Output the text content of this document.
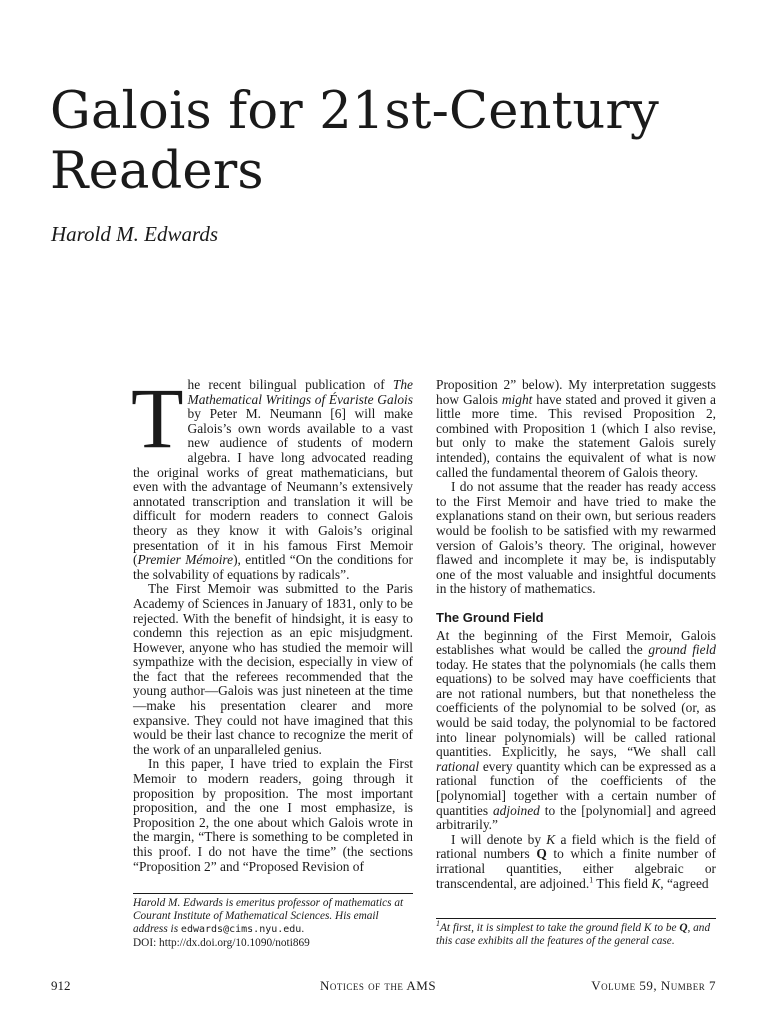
Galois for 21st-Century
Readers
Harold M. Edwards

The recent bilingual publication of The Mathematical Writings of Évariste Galois by Peter M. Neumann [6] will make Galois’s own words available to a vast new audience of students of modern algebra. I have long advocated reading the original works of great mathematicians, but even with the advantage of Neumann’s extensively annotated transcription and translation it will be difficult for modern readers to connect Galois theory as they know it with Galois’s original presentation of it in his famous First Memoir (Premier Mémoire), entitled “On the conditions for the solvability of equations by radicals”.

The First Memoir was submitted to the Paris Academy of Sciences in January of 1831, only to be rejected. With the benefit of hindsight, it is easy to condemn this rejection as an epic misjudgment. However, anyone who has studied the memoir will sympathize with the decision, especially in view of the fact that the referees recommended that the young author—Galois was just nineteen at the time—make his presentation clearer and more expansive. They could not have imagined that this would be their last chance to recognize the merit of the work of an unparalleled genius.

In this paper, I have tried to explain the First Memoir to modern readers, going through it proposition by proposition. The most important proposition, and the one I most emphasize, is Proposition 2, the one about which Galois wrote in the margin, “There is something to be completed in this proof. I do not have the time” (the sections “Proposition 2” and “Proposed Revision of

Proposition 2” below). My interpretation suggests how Galois might have stated and proved it given a little more time. This revised Proposition 2, combined with Proposition 1 (which I also revise, but only to make the statement Galois surely intended), contains the equivalent of what is now called the fundamental theorem of Galois theory.

I do not assume that the reader has ready access to the First Memoir and have tried to make the explanations stand on their own, but serious readers would be foolish to be satisfied with my rewarmed version of Galois’s theory. The original, however flawed and incomplete it may be, is indisputably one of the most valuable and insightful documents in the history of mathematics.

The Ground Field

At the beginning of the First Memoir, Galois establishes what would be called the ground field today. He states that the polynomials (he calls them equations) to be solved may have coefficients that are not rational numbers, but that nonetheless the coefficients of the polynomial to be solved (or, as would be said today, the polynomial to be factored into linear polynomials) will be called rational quantities. Explicitly, he says, “We shall call rational every quantity which can be expressed as a rational function of the coefficients of the [polynomial] together with a certain number of quantities adjoined to the [polynomial] and agreed arbitrarily.”

I will denote by K a field which is the field of rational numbers Q to which a finite number of irrational quantities, either algebraic or transcendental, are adjoined.$^1$ This field K, “agreed

Harold M. Edwards is emeritus professor of mathematics at Courant Institute of Mathematical Sciences. His email address is edwards@cims.nyu.edu.
DOI: http://dx.doi.org/10.1090/noti869
$^1$At first, it is simplest to take the ground field K to be Q, and this case exhibits all the features of the general case.
912	Notices of the AMS	Volume 59, Number 7
